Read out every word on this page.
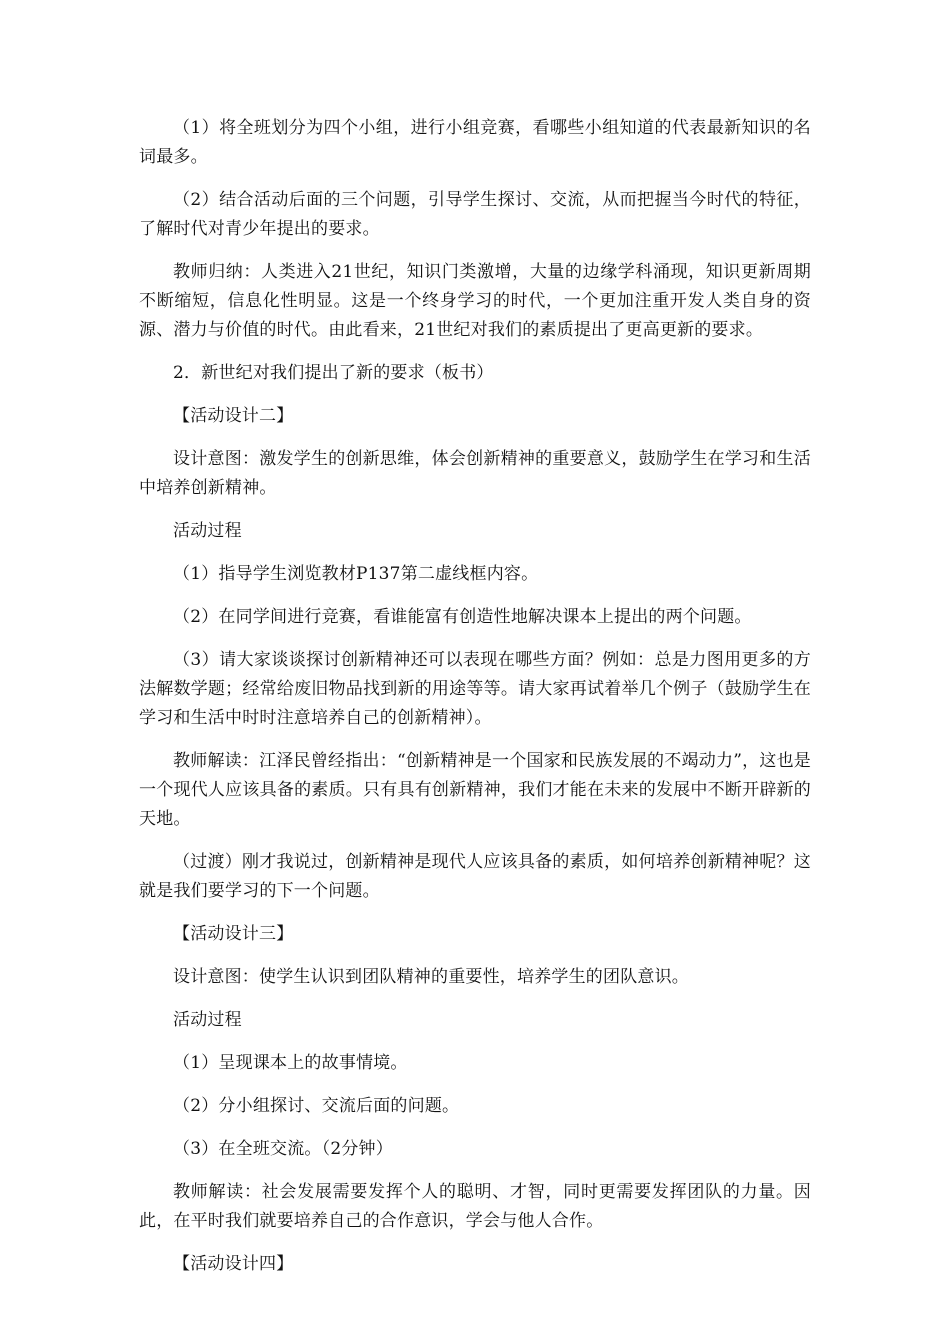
（1）将全班划分为四个小组，进行小组竞赛，看哪些小组知道的代表最新知识的名词最多。

（2）结合活动后面的三个问题，引导学生探讨、交流，从而把握当今时代的特征，了解时代对青少年提出的要求。

教师归纳：人类进入21世纪，知识门类激增，大量的边缘学科涌现，知识更新周期不断缩短，信息化性明显。这是一个终身学习的时代，一个更加注重开发人类自身的资源、潜力与价值的时代。由此看来，21世纪对我们的素质提出了更高更新的要求。

2．新世纪对我们提出了新的要求（板书）

【活动设计二】

设计意图：激发学生的创新思维，体会创新精神的重要意义，鼓励学生在学习和生活中培养创新精神。

活动过程

（1）指导学生浏览教材P137第二虚线框内容。

（2）在同学间进行竞赛，看谁能富有创造性地解决课本上提出的两个问题。

（3）请大家谈谈探讨创新精神还可以表现在哪些方面？例如：总是力图用更多的方法解数学题；经常给废旧物品找到新的用途等等。请大家再试着举几个例子（鼓励学生在学习和生活中时时注意培养自己的创新精神）。

教师解读：江泽民曾经指出：“创新精神是一个国家和民族发展的不竭动力”，这也是一个现代人应该具备的素质。只有具有创新精神，我们才能在未来的发展中不断开辟新的天地。

（过渡）刚才我说过，创新精神是现代人应该具备的素质，如何培养创新精神呢？这就是我们要学习的下一个问题。

【活动设计三】

设计意图：使学生认识到团队精神的重要性，培养学生的团队意识。

活动过程

（1）呈现课本上的故事情境。

（2）分小组探讨、交流后面的问题。

（3）在全班交流。（2分钟）

教师解读：社会发展需要发挥个人的聪明、才智，同时更需要发挥团队的力量。因此，在平时我们就要培养自己的合作意识，学会与他人合作。

【活动设计四】
